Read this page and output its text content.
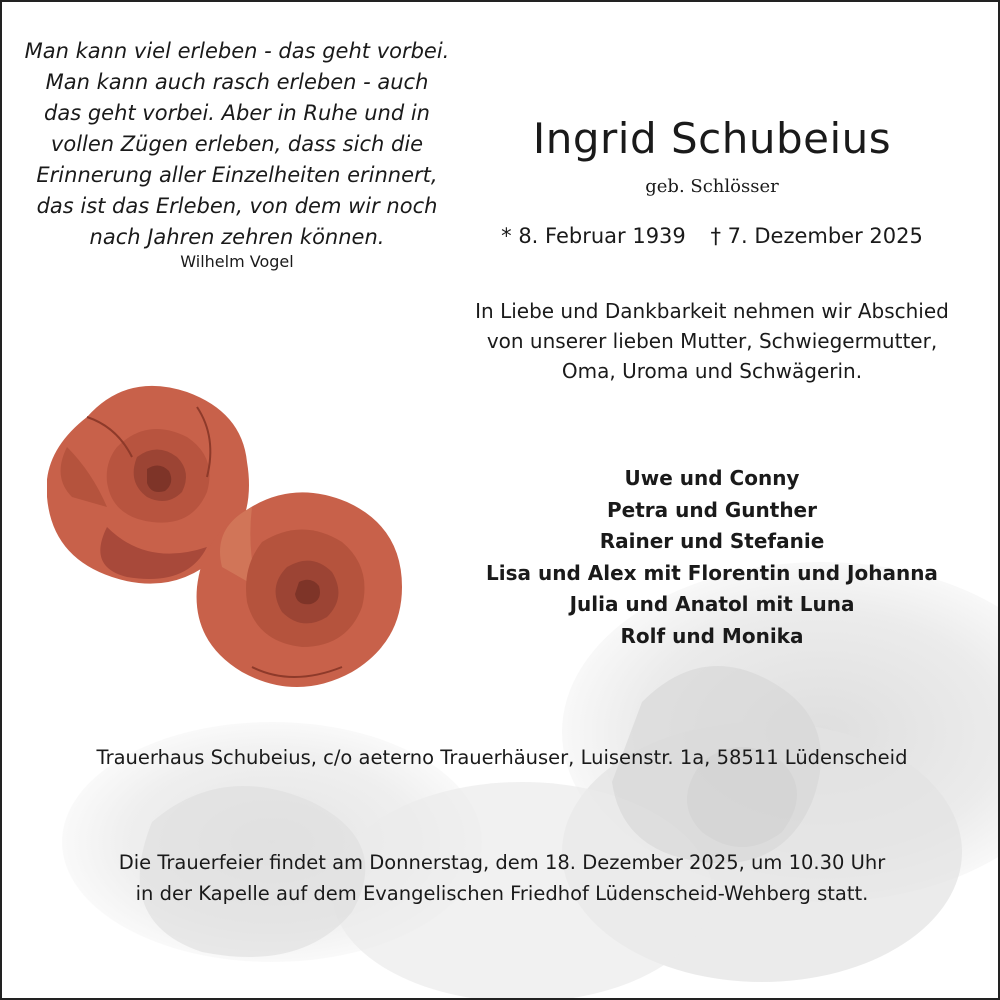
Man kann viel erleben - das geht vorbei.
Man kann auch rasch erleben - auch
das geht vorbei. Aber in Ruhe und in
vollen Zügen erleben, dass sich die
Erinnerung aller Einzelheiten erinnert,
das ist das Erleben, von dem wir noch
nach Jahren zehren können.
Wilhelm Vogel
Ingrid Schubeius
geb. Schlösser
* 8. Februar 1939 † 7. Dezember 2025
In Liebe und Dankbarkeit nehmen wir Abschied
von unserer lieben Mutter, Schwiegermutter,
Oma, Uroma und Schwägerin.
Uwe und Conny
Petra und Gunther
Rainer und Stefanie
Lisa und Alex mit Florentin und Johanna
Julia und Anatol mit Luna
Rolf und Monika
Trauerhaus Schubeius, c/o aeterno Trauerhäuser, Luisenstr. 1a, 58511 Lüdenscheid
Die Trauerfeier findet am Donnerstag, dem 18. Dezember 2025, um 10.30 Uhr
in der Kapelle auf dem Evangelischen Friedhof Lüdenscheid-Wehberg statt.
